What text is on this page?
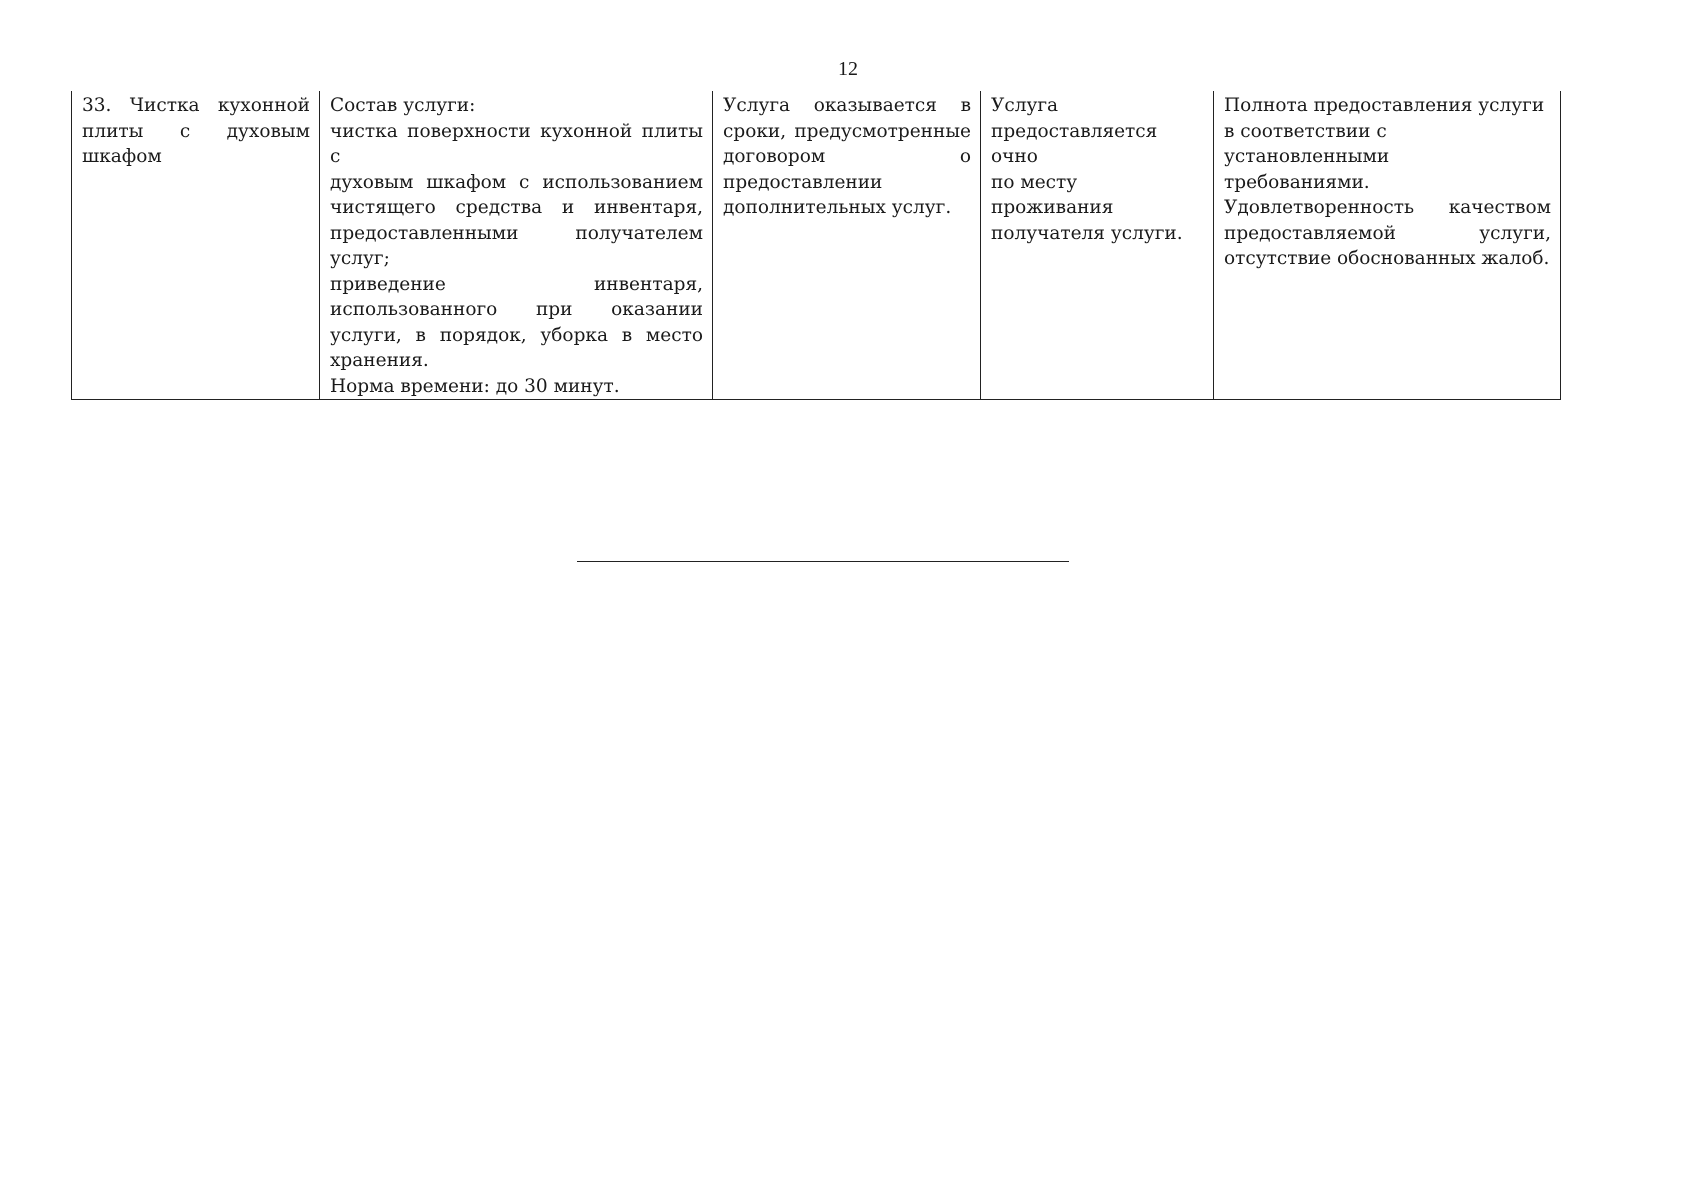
12
33. Чистка кухонной
плиты с духовым
шкафом

Состав услуги:
чистка поверхности кухонной плиты с
духовым шкафом с использованием
чистящего средства и инвентаря,
предоставленными получателем
услуг;
приведение инвентаря,
использованного при оказании
услуги, в порядок, уборка в место
хранения.
Норма времени: до 30 минут.

Услуга оказывается в
сроки, предусмотренные
договором о
предоставлении
дополнительных услуг.

Услуга
предоставляется очно
по месту проживания
получателя услуги.

Полнота предоставления услуги
в соответствии с установленными
требованиями.
Удовлетворенность качеством
предоставляемой услуги,
отсутствие обоснованных жалоб.
